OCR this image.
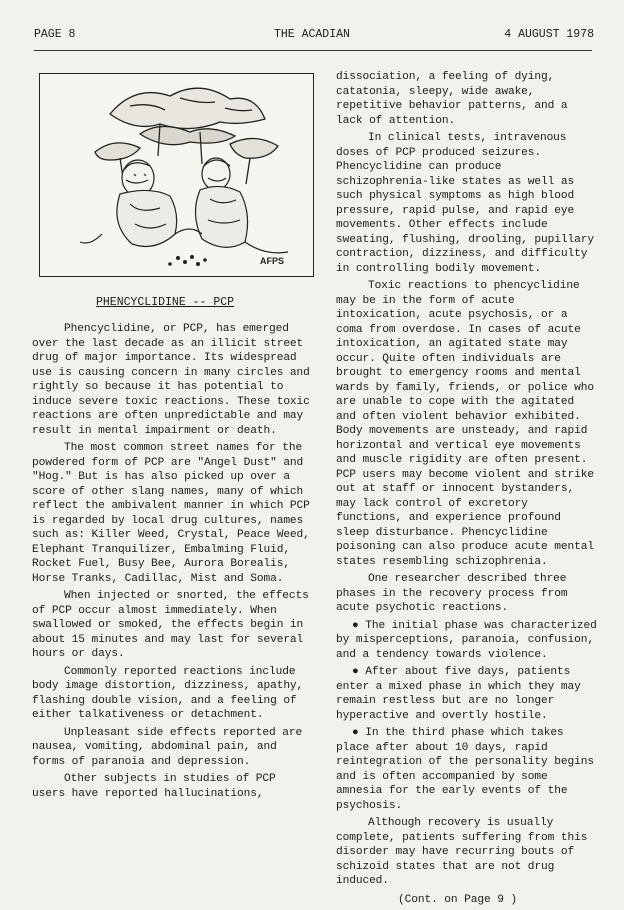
PAGE 8	THE ACADIAN	4 AUGUST 1978
AFPS
PHENCYCLIDINE -- PCP

Phencyclidine, or PCP, has emerged over the last decade as an illicit street drug of major importance. Its widespread use is causing concern in many circles and rightly so because it has potential to induce severe toxic reactions. These toxic reactions are often unpredictable and may result in mental impairment or death.

The most common street names for the powdered form of PCP are "Angel Dust" and "Hog." But is has also picked up over a score of other slang names, many of which reflect the ambivalent manner in which PCP is regarded by local drug cultures, names such as: Killer Weed, Crystal, Peace Weed, Elephant Tranquilizer, Embalming Fluid, Rocket Fuel, Busy Bee, Aurora Borealis, Horse Tranks, Cadillac, Mist and Soma.

When injected or snorted, the effects of PCP occur almost immediately. When swallowed or smoked, the effects begin in about 15 minutes and may last for several hours or days.

Commonly reported reactions include body image distortion, dizziness, apathy, flashing double vision, and a feeling of either talkativeness or detachment.

Unpleasant side effects reported are nausea, vomiting, abdominal pain, and forms of paranoia and depression.

Other subjects in studies of PCP users have reported hallucinations,

dissociation, a feeling of dying, catatonia, sleepy, wide awake, repetitive behavior patterns, and a lack of attention.

In clinical tests, intravenous doses of PCP produced seizures. Phencyclidine can produce schizophrenia-like states as well as such physical symptoms as high blood pressure, rapid pulse, and rapid eye movements. Other effects include sweating, flushing, drooling, pupillary contraction, dizziness, and difficulty in controlling bodily movement.

Toxic reactions to phencyclidine may be in the form of acute intoxication, acute psychosis, or a coma from overdose. In cases of acute intoxication, an agitated state may occur. Quite often individuals are brought to emergency rooms and mental wards by family, friends, or police who are unable to cope with the agitated and often violent behavior exhibited. Body movements are unsteady, and rapid horizontal and vertical eye movements and muscle rigidity are often present. PCP users may become violent and strike out at staff or innocent bystanders, may lack control of excretory functions, and experience profound sleep disturbance. Phencyclidine poisoning can also produce acute mental states resembling schizophrenia.

One researcher described three phases in the recovery process from acute psychotic reactions.

● The initial phase was characterized by misperceptions, paranoia, confusion, and a tendency towards violence.

● After about five days, patients enter a mixed phase in which they may remain restless but are no longer hyperactive and overtly hostile.

● In the third phase which takes place after about 10 days, rapid reintegration of the personality begins and is often accompanied by some amnesia for the early events of the psychosis.

Although recovery is usually complete, patients suffering from this disorder may have recurring bouts of schizoid states that are not drug induced.

(Cont. on Page 9 )
